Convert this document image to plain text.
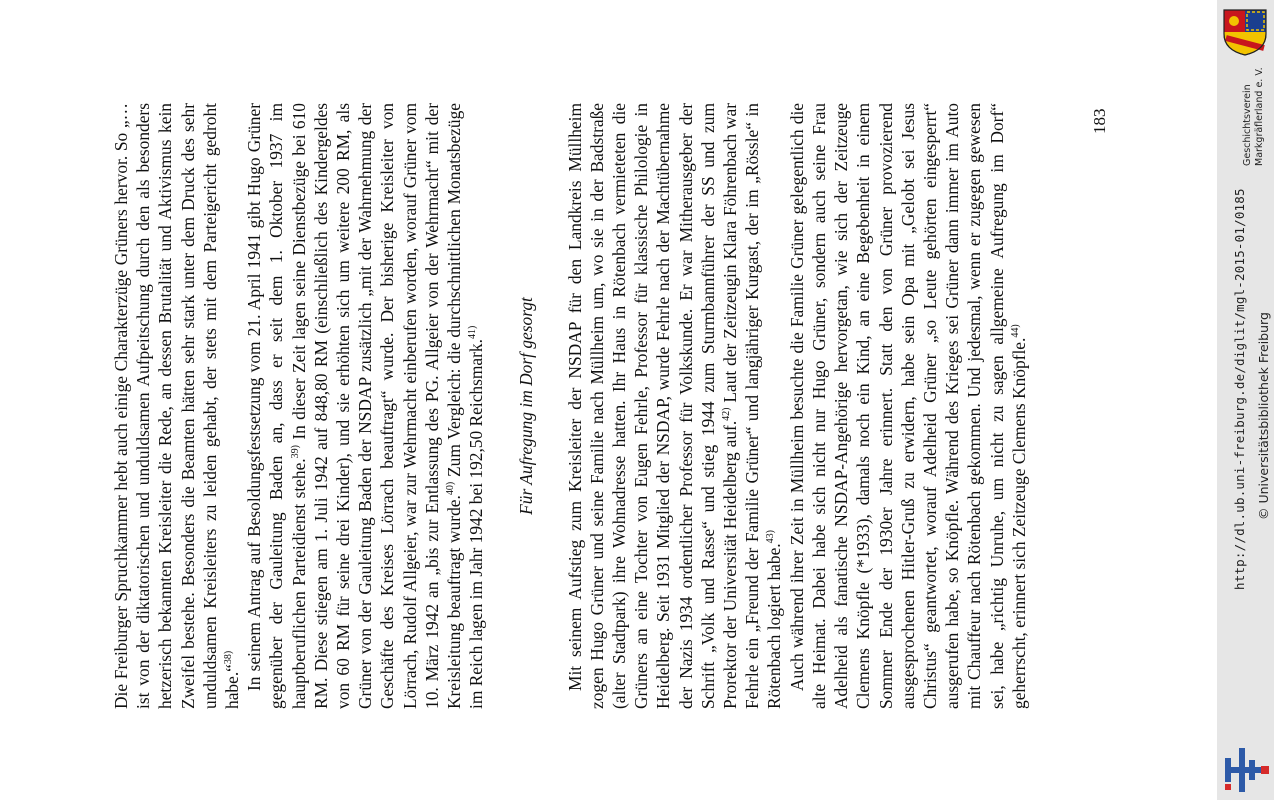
Die Freiburger Spruchkammer hebt auch einige Charakterzüge Grüners hervor. So „… ist von der diktatorischen und unduldsamen Aufpeitschung durch den als besonders hetzerisch bekannten Kreisleiter die Rede, an dessen Brutalität und Aktivismus kein Zweifel bestehe. Besonders die Beamten hätten sehr stark unter dem Druck des sehr unduldsamen Kreisleiters zu leiden gehabt, der stets mit dem Parteigericht gedroht habe.“$^{38)}$ In seinem Antrag auf Besoldungsfestsetzung vom 21. April 1941 gibt Hugo Grüner gegenüber der Gauleitung Baden an, dass er seit dem 1. Oktober 1937 im hauptberuflichen Parteidienst stehe.$^{39)}$ In dieser Zeit lagen seine Dienstbezüge bei 610 RM. Diese stiegen am 1. Juli 1942 auf 848,80 RM (einschließlich des Kindergeldes von 60 RM für seine drei Kinder), und sie erhöhten sich um weitere 200 RM, als Grüner von der Gauleitung Baden der NSDAP zusätzlich „mit der Wahrnehmung der Geschäfte des Kreises Lörrach beauftragt“ wurde. Der bisherige Kreisleiter von Lörrach, Rudolf Allgeier, war zur Wehrmacht einberufen worden, worauf Grüner vom 10. März 1942 an „bis zur Entlassung des PG. Allgeier von der Wehrmacht“ mit der Kreisleitung beauftragt wurde.$^{40)}$ Zum Vergleich: die durchschnittlichen Monatsbezüge im Reich lagen im Jahr 1942 bei 192,50 Reichsmark.$^{41)}$	Für Aufregung im Dorf gesorgt Mit seinem Aufstieg zum Kreisleiter der NSDAP für den Landkreis Müllheim zogen Hugo Grüner und seine Familie nach Müllheim um, wo sie in der Badstraße (alter Stadtpark) ihre Wohnadresse hatten. Ihr Haus in Rötenbach vermieteten die Grüners an eine Tochter von Eugen Fehrle, Professor für klassische Philologie in Heidelberg. Seit 1931 Mitglied der NSDAP, wurde Fehrle nach der Machtübernahme der Nazis 1934 ordentlicher Professor für Volkskunde. Er war Mitherausgeber der Schrift „Volk und Rasse“ und stieg 1944 zum Sturmbannführer der SS und zum Prorektor der Universität Heidelberg auf.$^{42)}$ Laut der Zeitzeugin Klara Föhrenbach war Fehrle ein „Freund der Familie Grüner“ und langjähriger Kurgast, der im „Rössle“ in Rötenbach logiert habe.$^{43)}$ Auch während ihrer Zeit in Müllheim besuchte die Familie Grüner gelegentlich die alte Heimat. Dabei habe sich nicht nur Hugo Grüner, sondern auch seine Frau Adelheid als fanatische NSDAP-Angehörige hervorgetan, wie sich der Zeitzeuge Clemens Knöpfle (*1933), damals noch ein Kind, an eine Begebenheit in einem Sommer Ende der 1930er Jahre erinnert. Statt den von Grüner provozierend ausgesprochenen Hitler-Gruß zu erwidern, habe sein Opa mit „Gelobt sei Jesus Christus“ geantwortet, worauf Adelheid Grüner „so Leute gehörten eingesperrt“ ausgerufen habe, so Knöpfle. Während des Krieges sei Grüner dann immer im Auto mit Chauffeur nach Rötenbach gekommen. Und jedesmal, wenn er zugegen gewesen sei, habe „richtig Unruhe, um nicht zu sagen allgemeine Aufregung im Dorf“ geherrscht, erinnert sich Zeitzeuge Clemens Knöpfle.$^{44)}$

183	Geschichtsverein Markgräflerland e. V.
http://dl.ub.uni-freiburg.de/diglit/mgl-2015-01/0185 © Universitätsbibliothek Freiburg
